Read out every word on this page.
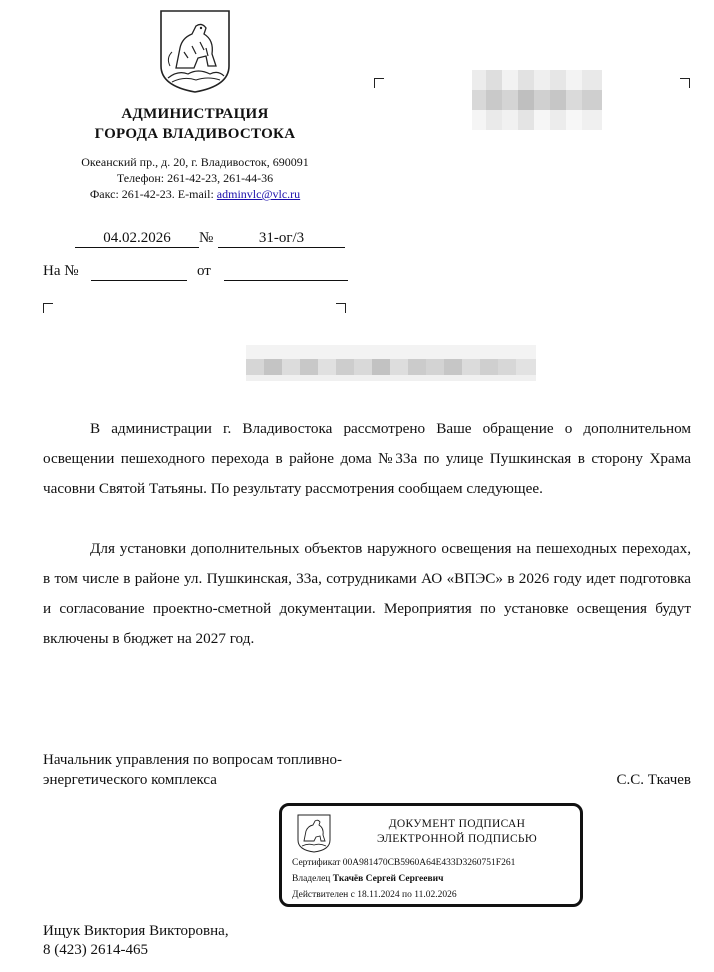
АДМИНИСТРАЦИЯ
ГОРОДА ВЛАДИВОСТОКА
Океанский пр., д. 20, г. Владивосток, 690091
Телефон: 261-42-23, 261-44-36
Факс: 261-42-23. E-mail: adminvlc@vlc.ru
04.02.2026	№	31-ог/3
На №	от

В администрации г. Владивостока рассмотрено Ваше обращение о дополнительном освещении пешеходного перехода в районе дома №33а по улице Пушкинская в сторону Храма часовни Святой Татьяны. По результату рассмотрения сообщаем следующее.

Для установки дополнительных объектов наружного освещения на пешеходных переходах, в том числе в районе ул. Пушкинская, 33а, сотрудниками АО «ВПЭС» в 2026 году идет подготовка и согласование проектно-сметной документации. Мероприятия по установке освещения будут включены в бюджет на 2027 год.

Начальник управления по вопросам топливно-
энергетического комплекса	С.С. Ткачев
ДОКУМЕНТ ПОДПИСАН
ЭЛЕКТРОННОЙ ПОДПИСЬЮ
Сертификат 00A981470CB5960A64E433D3260751F261
Владелец Ткачёв Сергей Сергеевич
Действителен с 18.11.2024 по 11.02.2026
Ищук Виктория Викторовна,
8 (423) 2614-465
